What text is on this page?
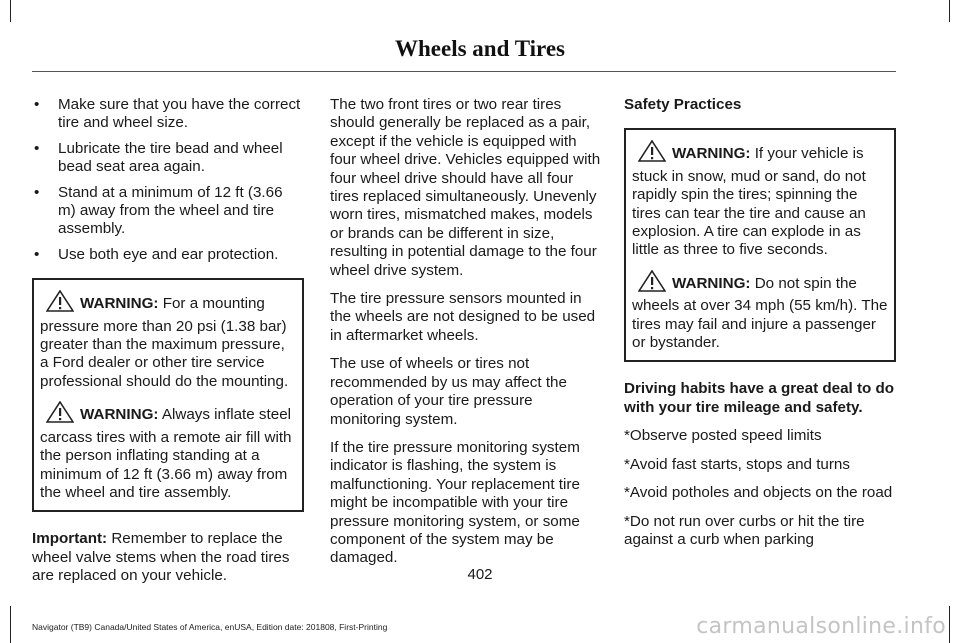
Wheels and Tires
• Make sure that you have the correct tire and wheel size.
• Lubricate the tire bead and wheel bead seat area again.
• Stand at a minimum of 12 ft (3.66 m) away from the wheel and tire assembly.
• Use both eye and ear protection.
WARNING: For a mounting pressure more than 20 psi (1.38 bar) greater than the maximum pressure, a Ford dealer or other tire service professional should do the mounting.
WARNING: Always inflate steel carcass tires with a remote air fill with the person inflating standing at a minimum of 12 ft (3.66 m) away from the wheel and tire assembly.

Important: Remember to replace the wheel valve stems when the road tires are replaced on your vehicle.

The two front tires or two rear tires should generally be replaced as a pair, except if the vehicle is equipped with four wheel drive. Vehicles equipped with four wheel drive should have all four tires replaced simultaneously. Unevenly worn tires, mismatched makes, models or brands can be different in size, resulting in potential damage to the four wheel drive system.

The tire pressure sensors mounted in the wheels are not designed to be used in aftermarket wheels.

The use of wheels or tires not recommended by us may affect the operation of your tire pressure monitoring system.

If the tire pressure monitoring system indicator is flashing, the system is malfunctioning. Your replacement tire might be incompatible with your tire pressure monitoring system, or some component of the system may be damaged.

Safety Practices
WARNING: If your vehicle is stuck in snow, mud or sand, do not rapidly spin the tires; spinning the tires can tear the tire and cause an explosion. A tire can explode in as little as three to five seconds.
WARNING: Do not spin the wheels at over 34 mph (55 km/h). The tires may fail and injure a passenger or bystander.

Driving habits have a great deal to do with your tire mileage and safety.

*Observe posted speed limits

*Avoid fast starts, stops and turns

*Avoid potholes and objects on the road

*Do not run over curbs or hit the tire against a curb when parking

402
Navigator (TB9) Canada/United States of America, enUSA, Edition date: 201808, First-Printing	carmanualsonline.info
